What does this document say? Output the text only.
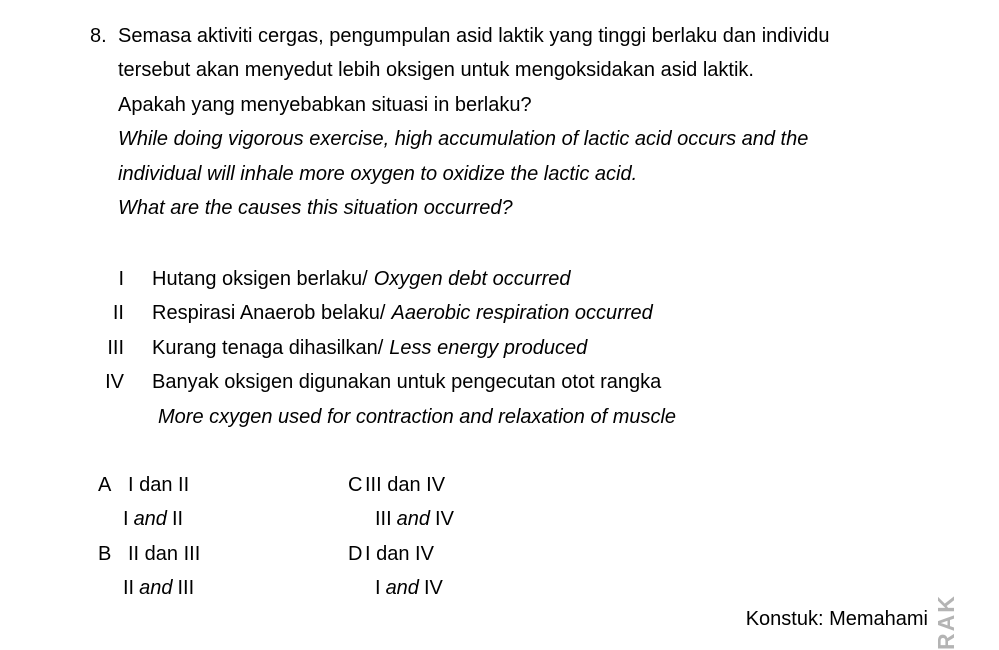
8. Semasa aktiviti cergas, pengumpulan asid laktik yang tinggi berlaku dan individu
tersebut akan menyedut lebih oksigen untuk mengoksidakan asid laktik.
Apakah yang menyebabkan situasi in berlaku?
While doing vigorous exercise, high accumulation of lactic acid occurs and the
individual will inhale more oxygen to oxidize the lactic acid.
What are the causes this situation occurred?
I Hutang oksigen berlaku/ Oxygen debt occurred
II Respirasi Anaerob belaku/ Aaerobic respiration occurred
III Kurang tenaga dihasilkan/ Less energy produced
IV Banyak oksigen digunakan untuk pengecutan otot rangka
More cxygen used for contraction and relaxation of muscle
A I dan II
I and II
B II dan III
II and III
C III dan IV
III and IV
D I dan IV
I and IV
Konstuk: Memahami RAK
